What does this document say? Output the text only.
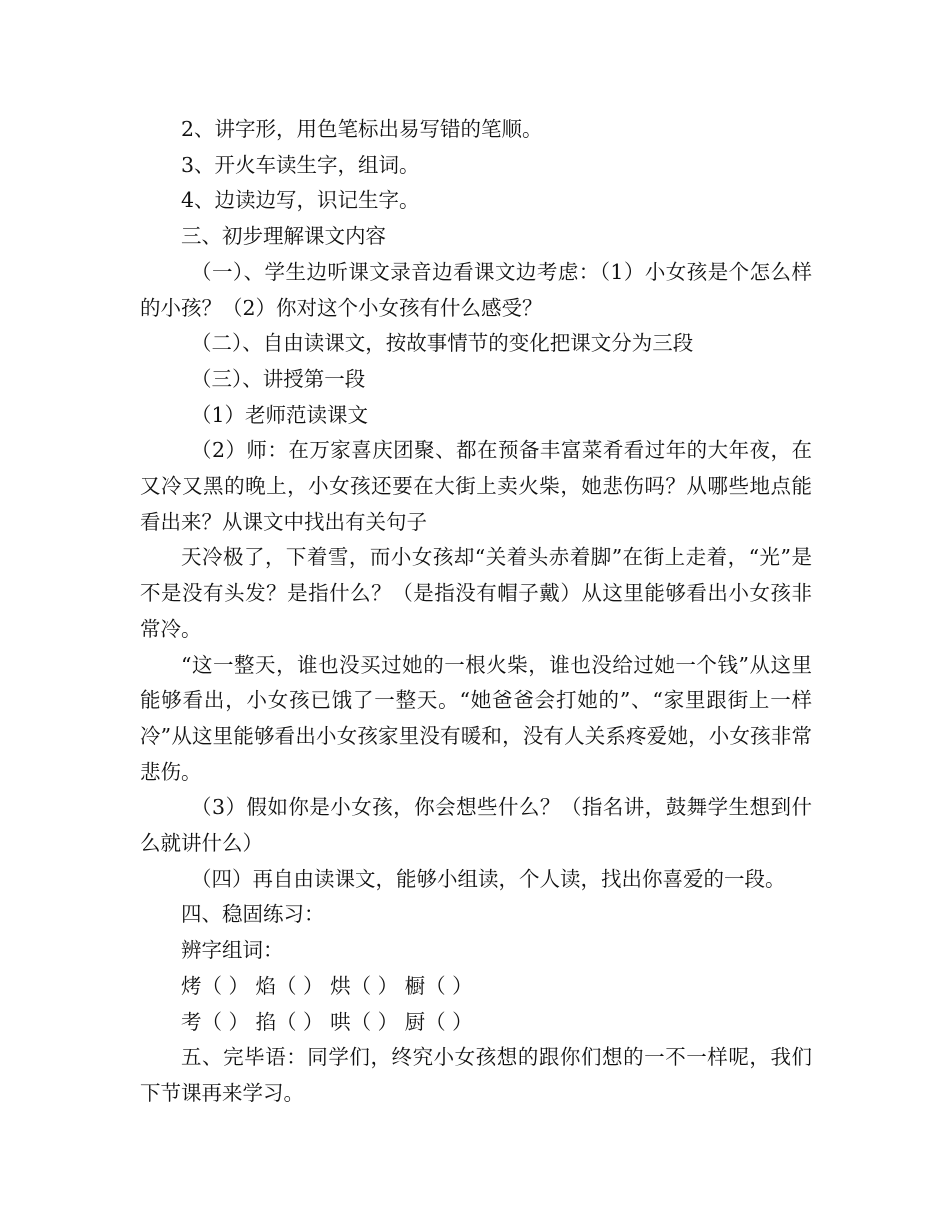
2、讲字形，用色笔标出易写错的笔顺。

3、开火车读生字，组词。

4、边读边写，识记生字。

三、初步理解课文内容

（一）、学生边听课文录音边看课文边考虑：（1）小女孩是个怎么样的小孩？（2）你对这个小女孩有什么感受？

（二）、自由读课文，按故事情节的变化把课文分为三段

（三）、讲授第一段

（1）老师范读课文

（2）师：在万家喜庆团聚、都在预备丰富菜肴看过年的大年夜，在又冷又黑的晚上，小女孩还要在大街上卖火柴，她悲伤吗？从哪些地点能看出来？从课文中找出有关句子

天冷极了，下着雪，而小女孩却“关着头赤着脚”在街上走着，“光”是不是没有头发？是指什么？（是指没有帽子戴）从这里能够看出小女孩非常冷。

“这一整天，谁也没买过她的一根火柴，谁也没给过她一个钱”从这里能够看出，小女孩已饿了一整天。“她爸爸会打她的”、“家里跟街上一样冷”从这里能够看出小女孩家里没有暖和，没有人关系疼爱她，小女孩非常悲伤。

（3）假如你是小女孩，你会想些什么？（指名讲，鼓舞学生想到什么就讲什么）

（四）再自由读课文，能够小组读，个人读，找出你喜爱的一段。

四、稳固练习：

辨字组词：

烤（ ） 焰（ ） 烘（ ） 橱（ ）

考（ ） 掐（ ） 哄（ ） 厨（ ）

五、完毕语：同学们，终究小女孩想的跟你们想的一不一样呢，我们下节课再来学习。
